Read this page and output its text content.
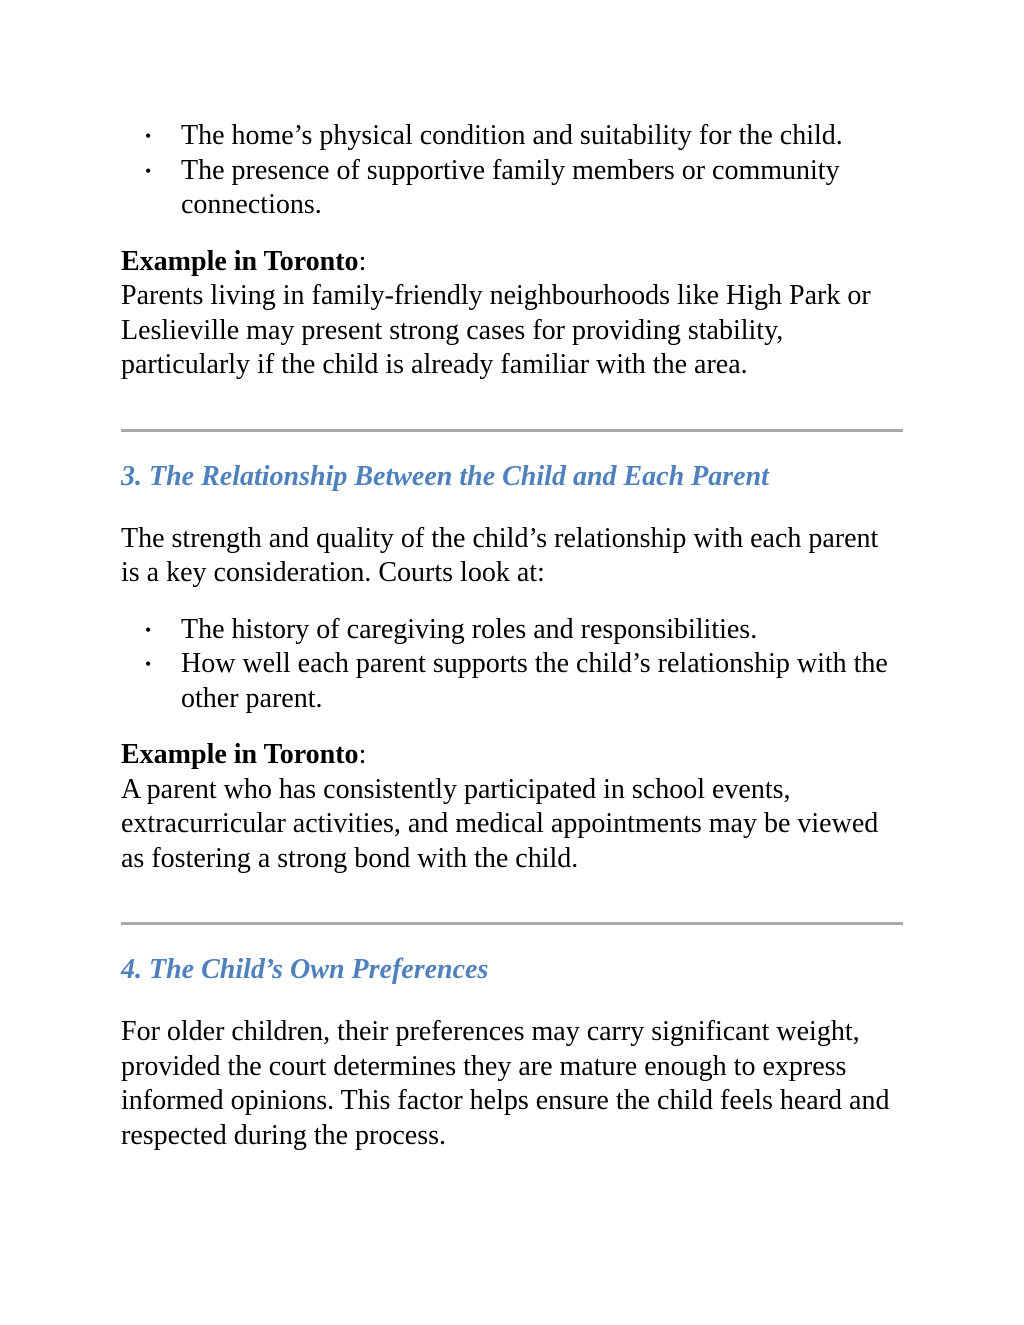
• The home’s physical condition and suitability for the child.
• The presence of supportive family members or community connections.

Example in Toronto:
Parents living in family-friendly neighbourhoods like High Park or Leslieville may present strong cases for providing stability, particularly if the child is already familiar with the area.

3. The Relationship Between the Child and Each Parent

The strength and quality of the child’s relationship with each parent is a key consideration. Courts look at:

• The history of caregiving roles and responsibilities.
• How well each parent supports the child’s relationship with the other parent.

Example in Toronto:
A parent who has consistently participated in school events, extracurricular activities, and medical appointments may be viewed as fostering a strong bond with the child.

4. The Child’s Own Preferences

For older children, their preferences may carry significant weight, provided the court determines they are mature enough to express informed opinions. This factor helps ensure the child feels heard and respected during the process.
